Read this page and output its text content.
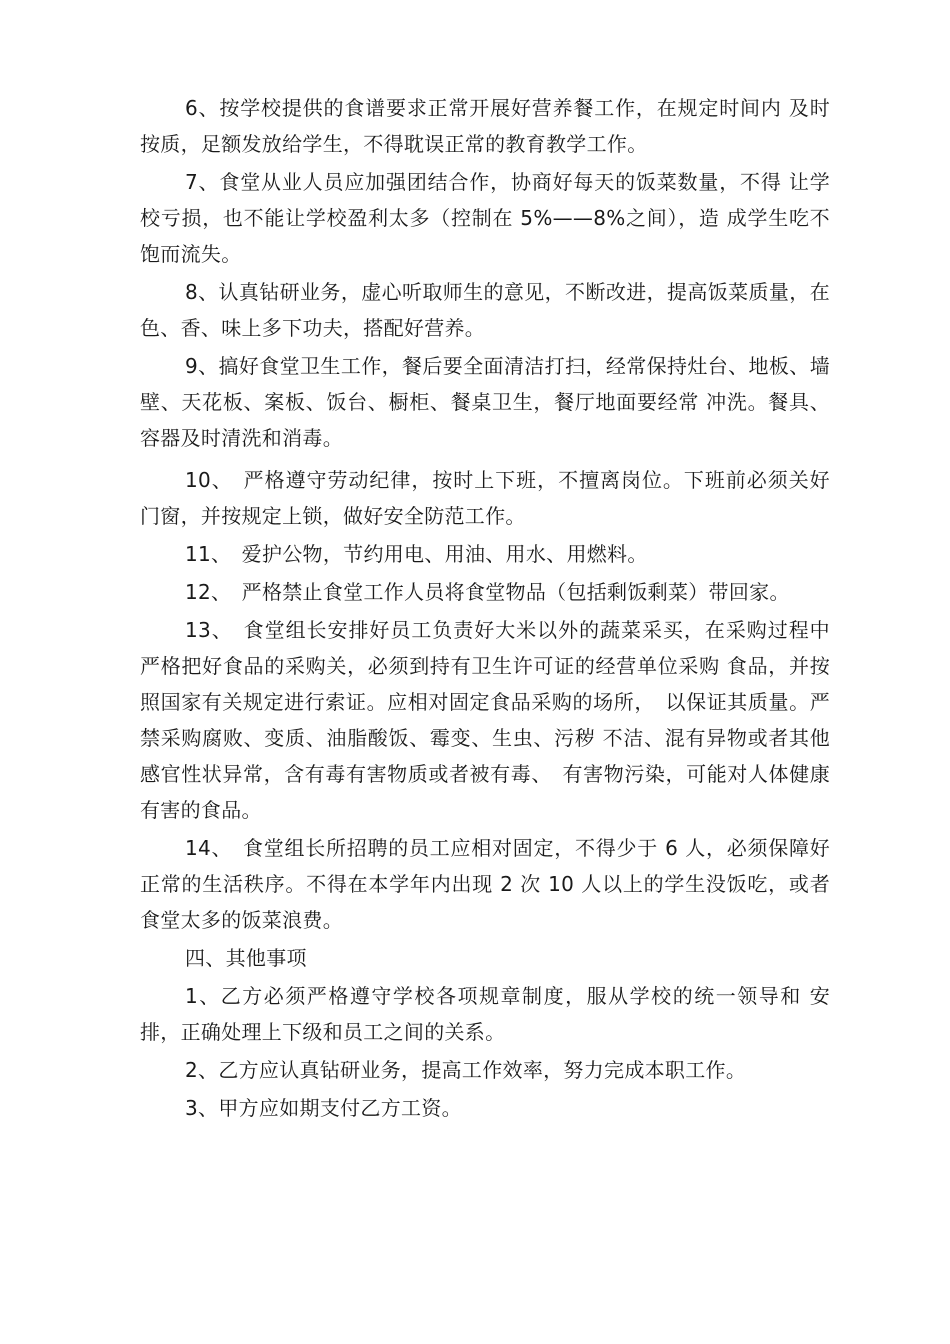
6、按学校提供的食谱要求正常开展好营养餐工作，在规定时间内 及时按质，足额发放给学生，不得耽误正常的教育教学工作。

7、食堂从业人员应加强团结合作，协商好每天的饭菜数量，不得 让学校亏损，也不能让学校盈利太多（控制在 5%——8%之间），造 成学生吃不饱而流失。

8、认真钻研业务，虚心听取师生的意见，不断改进，提高饭菜质量，在色、香、味上多下功夫，搭配好营养。

9、搞好食堂卫生工作，餐后要全面清洁打扫，经常保持灶台、地板、墙壁、天花板、案板、饭台、橱柜、餐桌卫生，餐厅地面要经常 冲洗。餐具、容器及时清洗和消毒。

10、　严格遵守劳动纪律，按时上下班，不擅离岗位。下班前必须关好门窗，并按规定上锁，做好安全防范工作。

11、　爱护公物，节约用电、用油、用水、用燃料。

12、　严格禁止食堂工作人员将食堂物品（包括剩饭剩菜）带回家。

13、　食堂组长安排好员工负责好大米以外的蔬菜采买，在采购过程中严格把好食品的采购关，必须到持有卫生许可证的经营单位采购 食品，并按照国家有关规定进行索证。应相对固定食品采购的场所，　以保证其质量。严禁采购腐败、变质、油脂酸饭、霉变、生虫、污秽 不洁、混有异物或者其他感官性状异常，含有毒有害物质或者被有毒、　有害物污染，可能对人体健康有害的食品。

14、　食堂组长所招聘的员工应相对固定，不得少于 6 人，必须保障好正常的生活秩序。不得在本学年内出现 2 次 10 人以上的学生没饭吃，或者食堂太多的饭菜浪费。

四、其他事项

1、乙方必须严格遵守学校各项规章制度，服从学校的统一领导和 安排，正确处理上下级和员工之间的关系。

2、乙方应认真钻研业务，提高工作效率，努力完成本职工作。

3、甲方应如期支付乙方工资。
